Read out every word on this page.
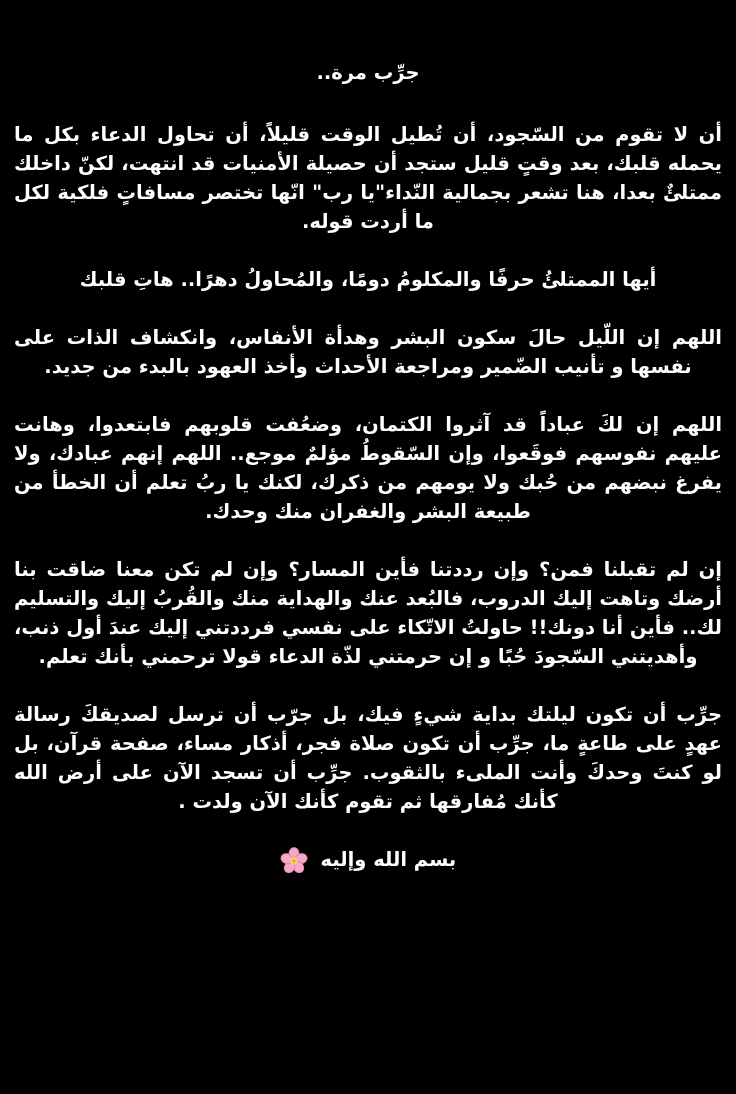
جرِّب مرة..
أن لا تقوم من السّجود، أن تُطيل الوقت قليلاً، أن تحاول الدعاء بكل ما يحمله قلبك، بعد وقتٍ قليل ستجد أن حصيلة الأمنيات قد انتهت، لكنّ داخلك ممتلئٌ بعدا، هنا تشعر بجمالية النّداء"يا رب" انّها تختصر مسافاتٍ فلكية لكل ما أردت قوله.
أيها الممتلئُ حرفًا والمكلومُ دومًا، والمُحاولُ دهرًا.. هاتِ قلبك
اللهم إن اللّيل حالَ سكون البشر وهدأة الأنفاس، وانكشاف الذات على نفسها و تأنيب الضّمير ومراجعة الأحداث وأخذ العهود بالبدء من جديد.
اللهم إن لكَ عباداً قد آثروا الكتمان، وضعُفت قلوبهم فابتعدوا، وهانت عليهم نفوسهم فوقَعوا، وإن السّقوطُ مؤلمٌ موجع.. اللهم إنهم عبادك، ولا يفرغ نبضهم من حُبك ولا يومهم من ذكرك، لكنك يا ربُ تعلم أن الخطأ من طبيعة البشر والغفران منك وحدك.
إن لم تقبلنا فمن؟ وإن رددتنا فأين المسار؟ وإن لم تكن معنا ضاقت بنا أرضك وتاهت إليك الدروب، فالبُعد عنك والهداية منك والقُربُ إليك والتسليم لك.. فأين أنا دونك!! حاولتُ الاتّكاء على نفسي فرددتني إليك عندَ أول ذنب، وأهديتني السّجودَ حُبًا و إن حرمتني لذّة الدعاء قولا ترحمني بأنك تعلم.
جرِّب أن تكون ليلتك بداية شيءٍ فيك، بل جرّب أن ترسل لصديقكَ رسالة عهدٍ على طاعةٍ ما، جرِّب أن تكون صلاة فجر، أذكار مساء، صفحة قرآن، بل لو كنتَ وحدكَ وأنت الملىء بالثقوب. جرِّب أن تسجد الآن على أرض الله كأنك مُفارقها ثم تقوم كأنك الآن ولدت .
بسم الله وإليه
